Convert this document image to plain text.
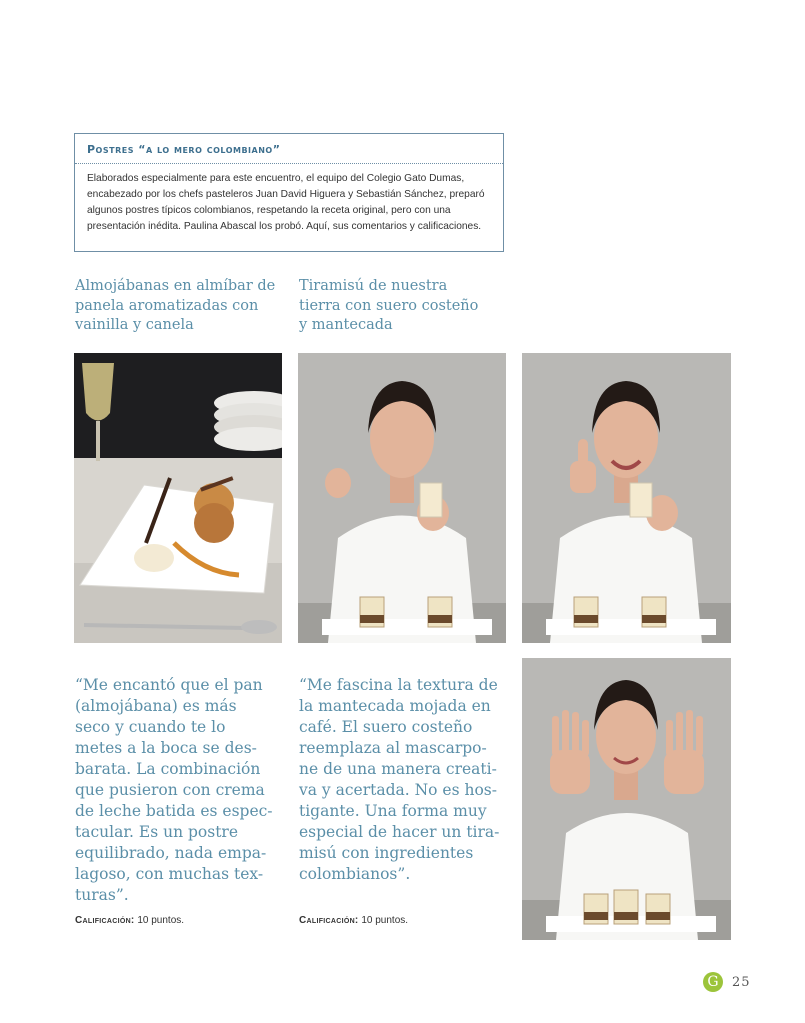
Postres “a lo mero colombiano”
Elaborados especialmente para este encuentro, el equipo del Colegio Gato Dumas, encabezado por los chefs pasteleros Juan David Higuera y Sebastián Sánchez, preparó algunos postres típicos colombianos, respetando la receta original, pero con una presentación inédita. Paulina Abascal los probó. Aquí, sus comentarios y calificaciones.
Almojábanas en almíbar de
panela aromatizadas con
vainilla y canela
Tiramisú de nuestra
tierra con suero costeño
y mantecada
“Me encantó que el pan
(almojábana) es más
seco y cuando te lo
metes a la boca se des-
barata. La combinación
que pusieron con crema
de leche batida es espec-
tacular. Es un postre
equilibrado, nada empa-
lagoso, con muchas tex-
turas”.
“Me fascina la textura de
la mantecada mojada en
café. El suero costeño
reemplaza al mascarpo-
ne de una manera creati-
va y acertada. No es hos-
tigante. Una forma muy
especial de hacer un tira-
misú con ingredientes
colombianos”.
Calificación: 10 puntos.	Calificación: 10 puntos.
G	25
